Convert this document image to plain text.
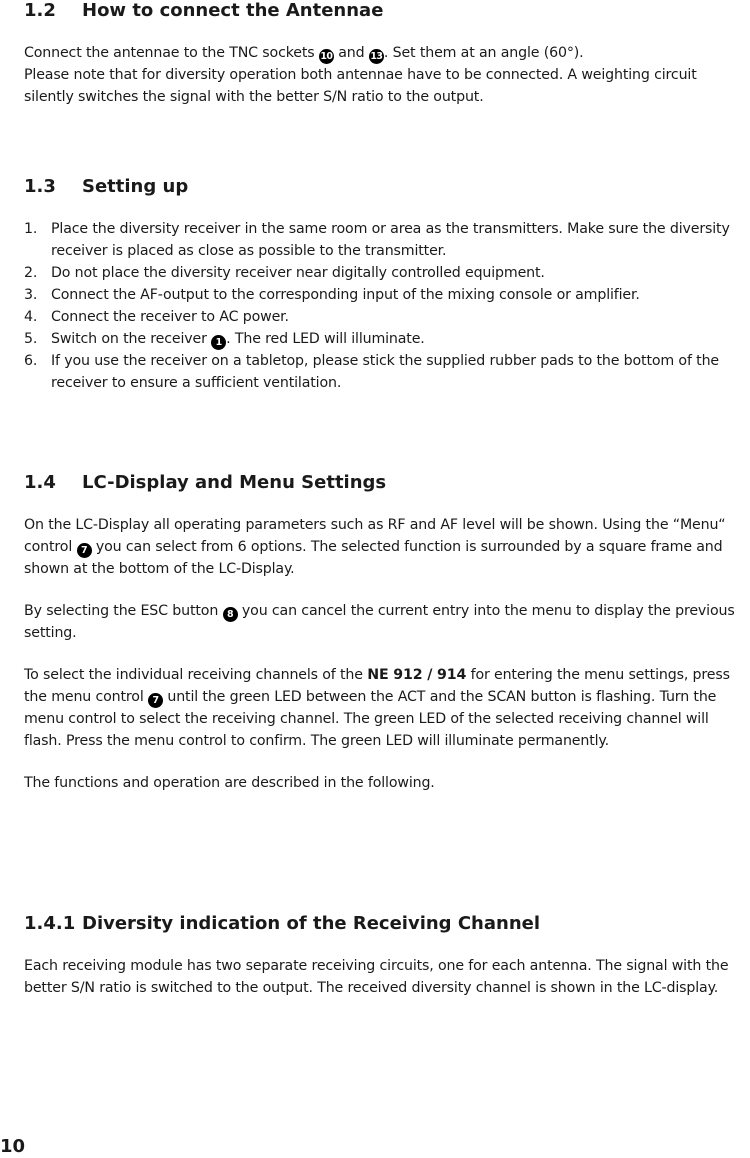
1.2 How to connect the Antennae

Connect the antennae to the TNC sockets 10 and 13. Set them at an angle (60°).
Please note that for diversity operation both antennae have to be connected. A weighting circuit silently switches the signal with the better S/N ratio to the output.

1.3 Setting up
1. Place the diversity receiver in the same room or area as the transmitters. Make sure the diversity receiver is placed as close as possible to the transmitter.
2. Do not place the diversity receiver near digitally controlled equipment.
3. Connect the AF-output to the corresponding input of the mixing console or amplifier.
4. Connect the receiver to AC power.
5. Switch on the receiver 1 . The red LED will illuminate.
6. If you use the receiver on a tabletop, please stick the supplied rubber pads to the bottom of the receiver to ensure a sufficient ventilation.
1.4 LC-Display and Menu Settings

On the LC-Display all operating parameters such as RF and AF level will be shown. Using the “Menu“ control 7 you can select from 6 options. The selected function is surrounded by a square frame and shown at the bottom of the LC-Display.

By selecting the ESC button 8 you can cancel the current entry into the menu to display the previous setting.

To select the individual receiving channels of the NE 912 / 914 for entering the menu settings, press the menu control 7 until the green LED between the ACT and the SCAN button is flashing. Turn the menu control to select the receiving channel. The green LED of the selected receiving channel will flash. Press the menu control to confirm. The green LED will illuminate permanently.

The functions and operation are described in the following.

1.4.1 Diversity indication of the Receiving Channel

Each receiving module has two separate receiving circuits, one for each antenna. The signal with the better S/N ratio is switched to the output. The received diversity channel is shown in the LC-display.

10
